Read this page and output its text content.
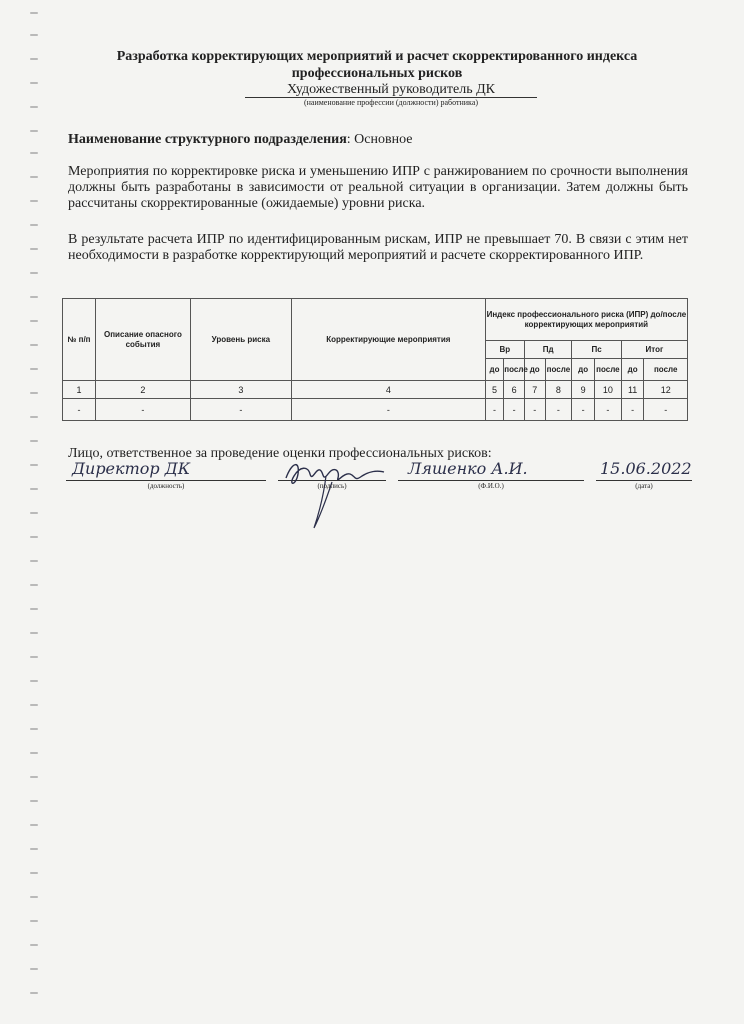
Разработка корректирующих мероприятий и расчет скорректированного индекса профессиональных рисков
Художественный руководитель ДК
(наименование профессии (должности) работника)
Наименование структурного подразделения: Основное
Мероприятия по корректировке риска и уменьшению ИПР с ранжированием по срочности выполнения должны быть разработаны в зависимости от реальной ситуации в организации. Затем должны быть рассчитаны скорректированные (ожидаемые) уровни риска.
В результате расчета ИПР по идентифицированным рискам, ИПР не превышает 70. В связи с этим нет необходимости в разработке корректирующий мероприятий и расчете скорректированного ИПР.
№ п/п	Описание опасного события	Уровень риска	Корректирующие мероприятия	Индекс профессионального риска (ИПР) до/после корректирующих мероприятий							
				Вр		Пд		Пс		Итог	
				до	после	до	после	до	после	до	после
1	2	3	4	5	6	7	8	9	10	11	12
-	-	-	-	-	-	-	-	-	-	-	-
Лицо, ответственное за проведение оценки профессиональных рисков:
Директор ДК
(должность)	(подпись)
Ляшенко А.И.
(Ф.И.О.)
15.06.2022
(дата)
